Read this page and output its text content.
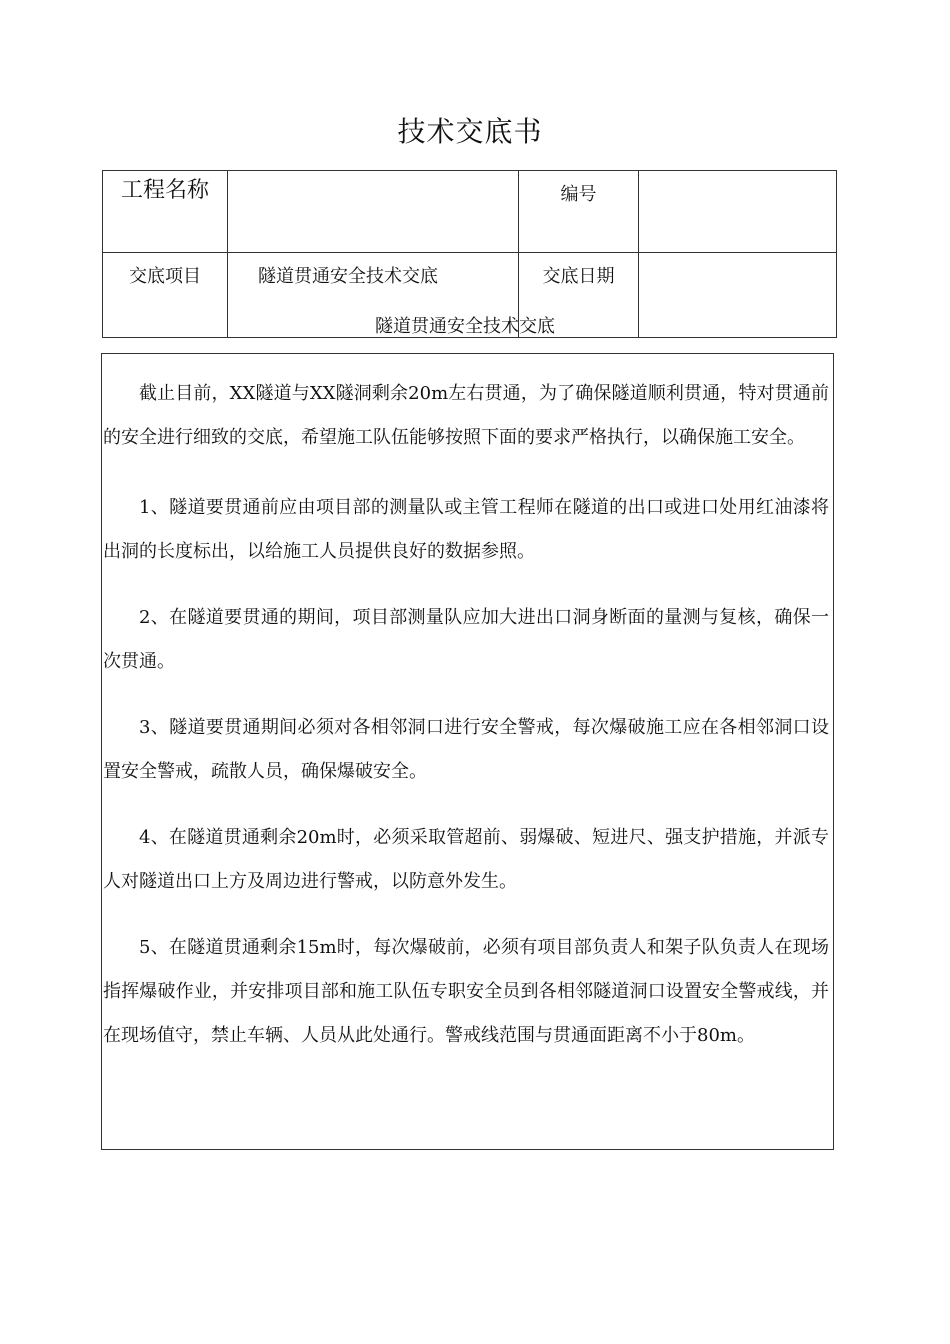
技术交底书
工程名称		编号	
交底项目	隧道贯通安全技术交底	交底日期	
隧道贯通安全技术交底

截止目前，XX隧道与XX隧洞剩余20m左右贯通，为了确保隧道顺利贯通，特对贯通前的安全进行细致的交底，希望施工队伍能够按照下面的要求严格执行，以确保施工安全。

1、隧道要贯通前应由项目部的测量队或主管工程师在隧道的出口或进口处用红油漆将出洞的长度标出，以给施工人员提供良好的数据参照。

2、在隧道要贯通的期间，项目部测量队应加大进出口洞身断面的量测与复核，确保一次贯通。

3、隧道要贯通期间必须对各相邻洞口进行安全警戒，每次爆破施工应在各相邻洞口设置安全警戒，疏散人员，确保爆破安全。

4、在隧道贯通剩余20m时，必须采取管超前、弱爆破、短进尺、强支护措施，并派专人对隧道出口上方及周边进行警戒，以防意外发生。

5、在隧道贯通剩余15m时，每次爆破前，必须有项目部负责人和架子队负责人在现场指挥爆破作业，并安排项目部和施工队伍专职安全员到各相邻隧道洞口设置安全警戒线，并在现场值守，禁止车辆、人员从此处通行。警戒线范围与贯通面距离不小于80m。
